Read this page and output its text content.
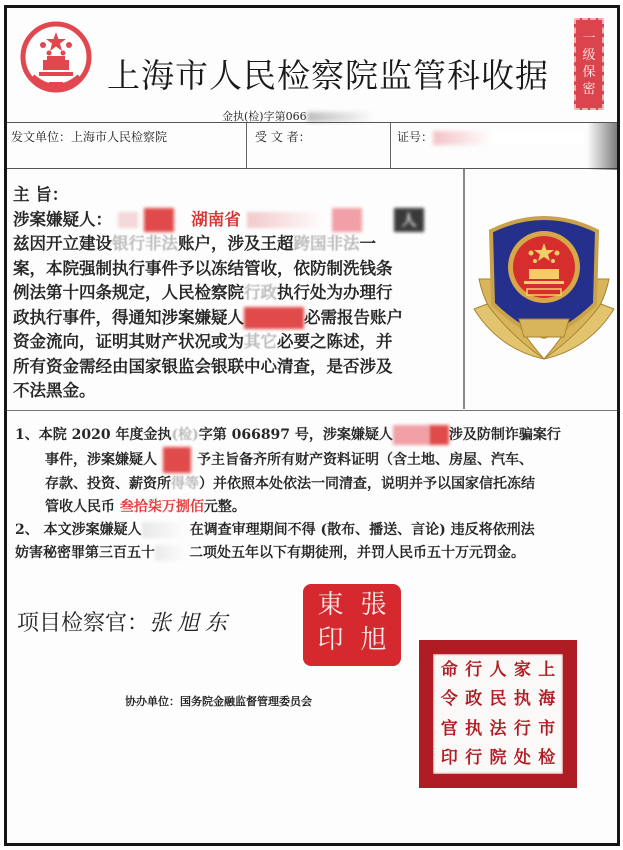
上海市人民检察院监管科收据
一
级
保
密
金执(检)字第066
发文单位：上海市人民检察院	受 文 者：	证号：
主 旨：
涉案嫌疑人：	湖南省	人
兹因开立建设银行非法账户，涉及王超跨国非法一
案，本院强制执行事件予以冻结管收，依防制洗钱条
例法第十四条规定，人民检察院行政执行处为办理行
政执行事件，得通知涉案嫌疑人	必需报告账户
资金流向，证明其财产状况或为其它必要之陈述，并
所有资金需经由国家银监会银联中心清查，是否涉及
不法黑金。
1、本院 2020 年度金执(检)字第 066897 号，涉案嫌疑人	涉及防制诈骗案行
事件，涉案嫌疑人	予主旨备齐所有财产资料证明（含土地、房屋、汽车、
存款、投资、薪资所得等）并依照本处依法一同清查，说明并予以国家信托冻结
管收人民币 叁拾柒万捌佰元整。
2、 本文涉案嫌疑人	在调查审理期间不得 (散布、播送、言论) 违反将依刑法
妨害秘密罪第三百五十 二项处五年以下有期徒刑，并罚人民币五十万元罚金。
项目检察官：张旭东
東 張
印 旭
协办单位：国务院金融监督管理委员会
上
海
市
检
家
执
行
处
人
民
法
院
行
政
执
行
命
令
官
印
